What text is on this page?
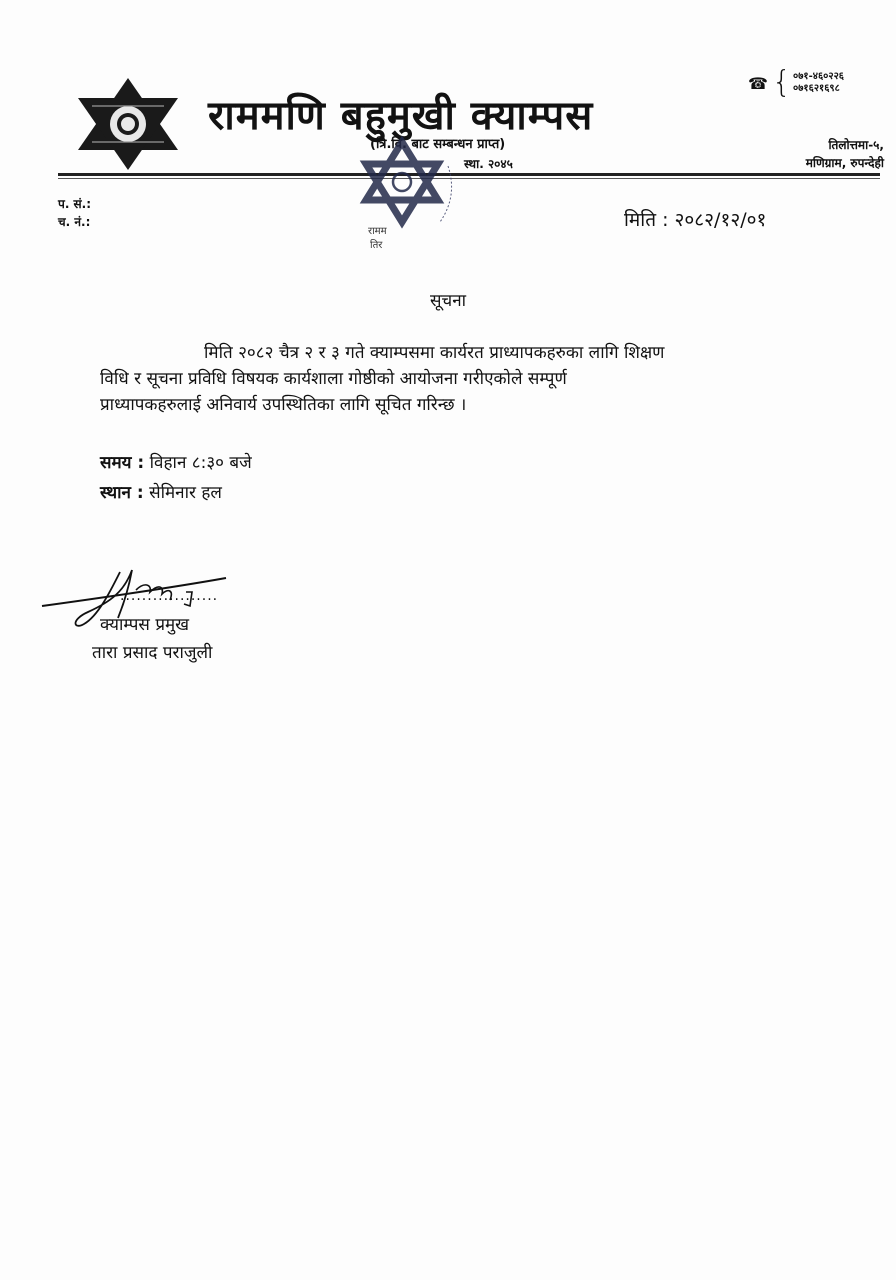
राममणि बहुमुखी क्याम्पस
(त्रि.वि. बाट सम्बन्धन प्राप्त)
स्था. २०४५
☎ { ०७१-४६०२२६
०७१६२१६९८
तिलोत्तमा-५,
मणिग्राम, रुपन्देही
रामम
तिर
प. सं.:
च. नं.:	मिति : २०८२/१२/०१
सूचना

मिति २०८२ चैत्र २ र ३ गते क्याम्पसमा कार्यरत प्राध्यापकहरुका लागि शिक्षण

विधि र सूचना प्रविधि विषयक कार्यशाला गोष्ठीको आयोजना गरीएकोले सम्पूर्ण

प्राध्यापकहरुलाई अनिवार्य उपस्थितिका लागि सूचित गरिन्छ ।

समय : विहान ८:३० बजे
स्थान : सेमिनार हल
..................
क्याम्पस प्रमुख
तारा प्रसाद पराजुली
